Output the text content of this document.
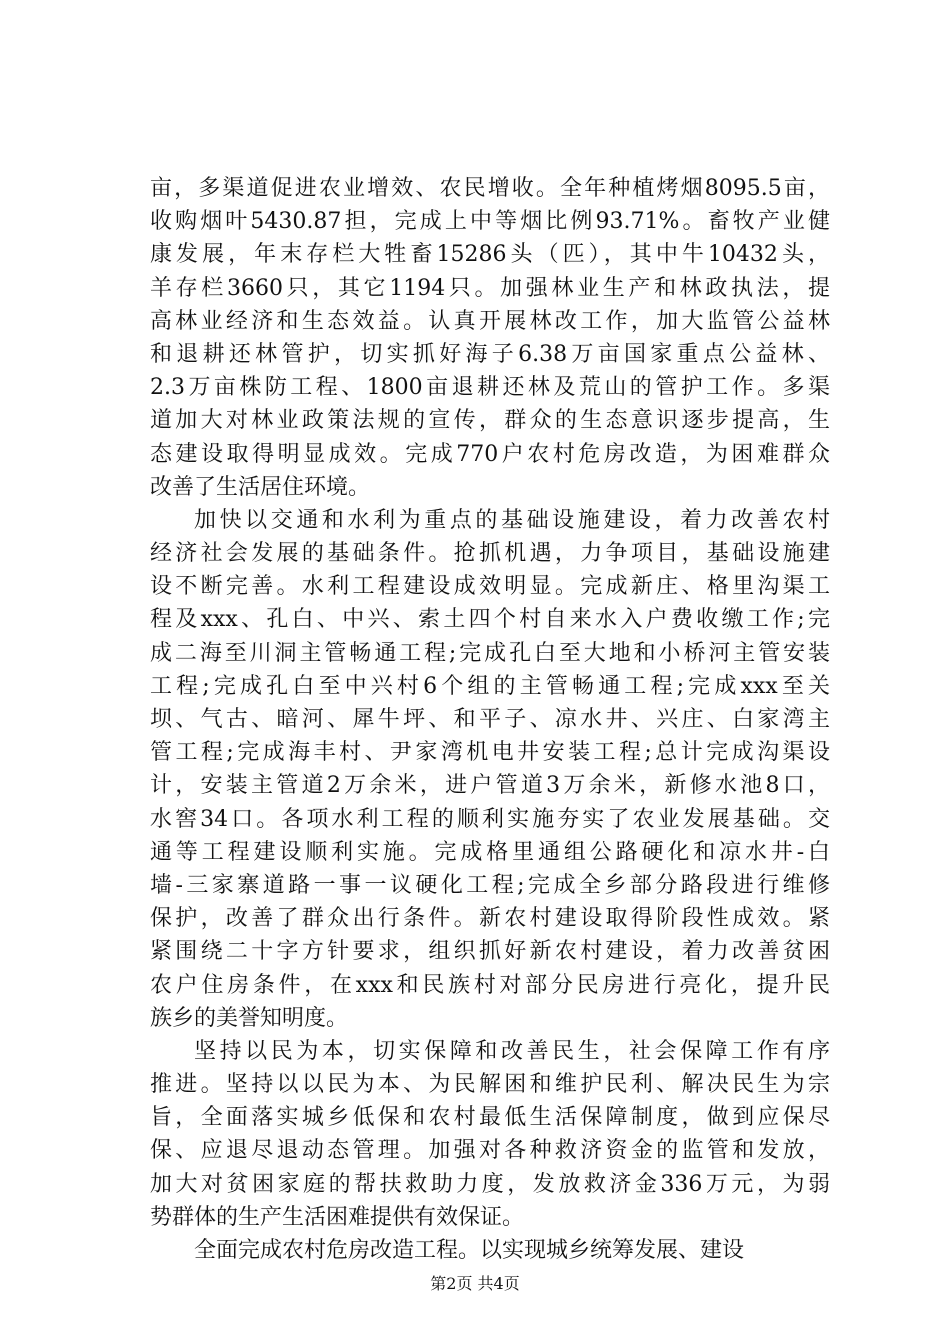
亩，多渠道促进农业增效、农民增收。全年种植烤烟8095.5亩，
收购烟叶5430.87担，完成上中等烟比例93.71%。畜牧产业健
康发展，年末存栏大牲畜15286头（匹），其中牛10432头，
羊存栏3660只，其它1194只。加强林业生产和林政执法，提
高林业经济和生态效益。认真开展林改工作，加大监管公益林
和退耕还林管护，切实抓好海子6.38万亩国家重点公益林、
2.3万亩株防工程、1800亩退耕还林及荒山的管护工作。多渠
道加大对林业政策法规的宣传，群众的生态意识逐步提高，生
态建设取得明显成效。完成770户农村危房改造，为困难群众
改善了生活居住环境。
加快以交通和水利为重点的基础设施建设，着力改善农村
经济社会发展的基础条件。抢抓机遇，力争项目，基础设施建
设不断完善。水利工程建设成效明显。完成新庄、格里沟渠工
程及xxx、孔白、中兴、索土四个村自来水入户费收缴工作;完
成二海至川洞主管畅通工程;完成孔白至大地和小桥河主管安装
工程;完成孔白至中兴村6个组的主管畅通工程;完成xxx至关
坝、气古、暗河、犀牛坪、和平子、凉水井、兴庄、白家湾主
管工程;完成海丰村、尹家湾机电井安装工程;总计完成沟渠设
计，安装主管道2万余米，进户管道3万余米，新修水池8口，
水窖34口。各项水利工程的顺利实施夯实了农业发展基础。交
通等工程建设顺利实施。完成格里通组公路硬化和凉水井-白
墙-三家寨道路一事一议硬化工程;完成全乡部分路段进行维修
保护，改善了群众出行条件。新农村建设取得阶段性成效。紧
紧围绕二十字方针要求，组织抓好新农村建设，着力改善贫困
农户住房条件，在xxx和民族村对部分民房进行亮化，提升民
族乡的美誉知明度。
坚持以民为本，切实保障和改善民生，社会保障工作有序
推进。坚持以以民为本、为民解困和维护民利、解决民生为宗
旨，全面落实城乡低保和农村最低生活保障制度，做到应保尽
保、应退尽退动态管理。加强对各种救济资金的监管和发放，
加大对贫困家庭的帮扶救助力度，发放救济金336万元，为弱
势群体的生产生活困难提供有效保证。
全面完成农村危房改造工程。以实现城乡统筹发展、建设
第2页 共4页
